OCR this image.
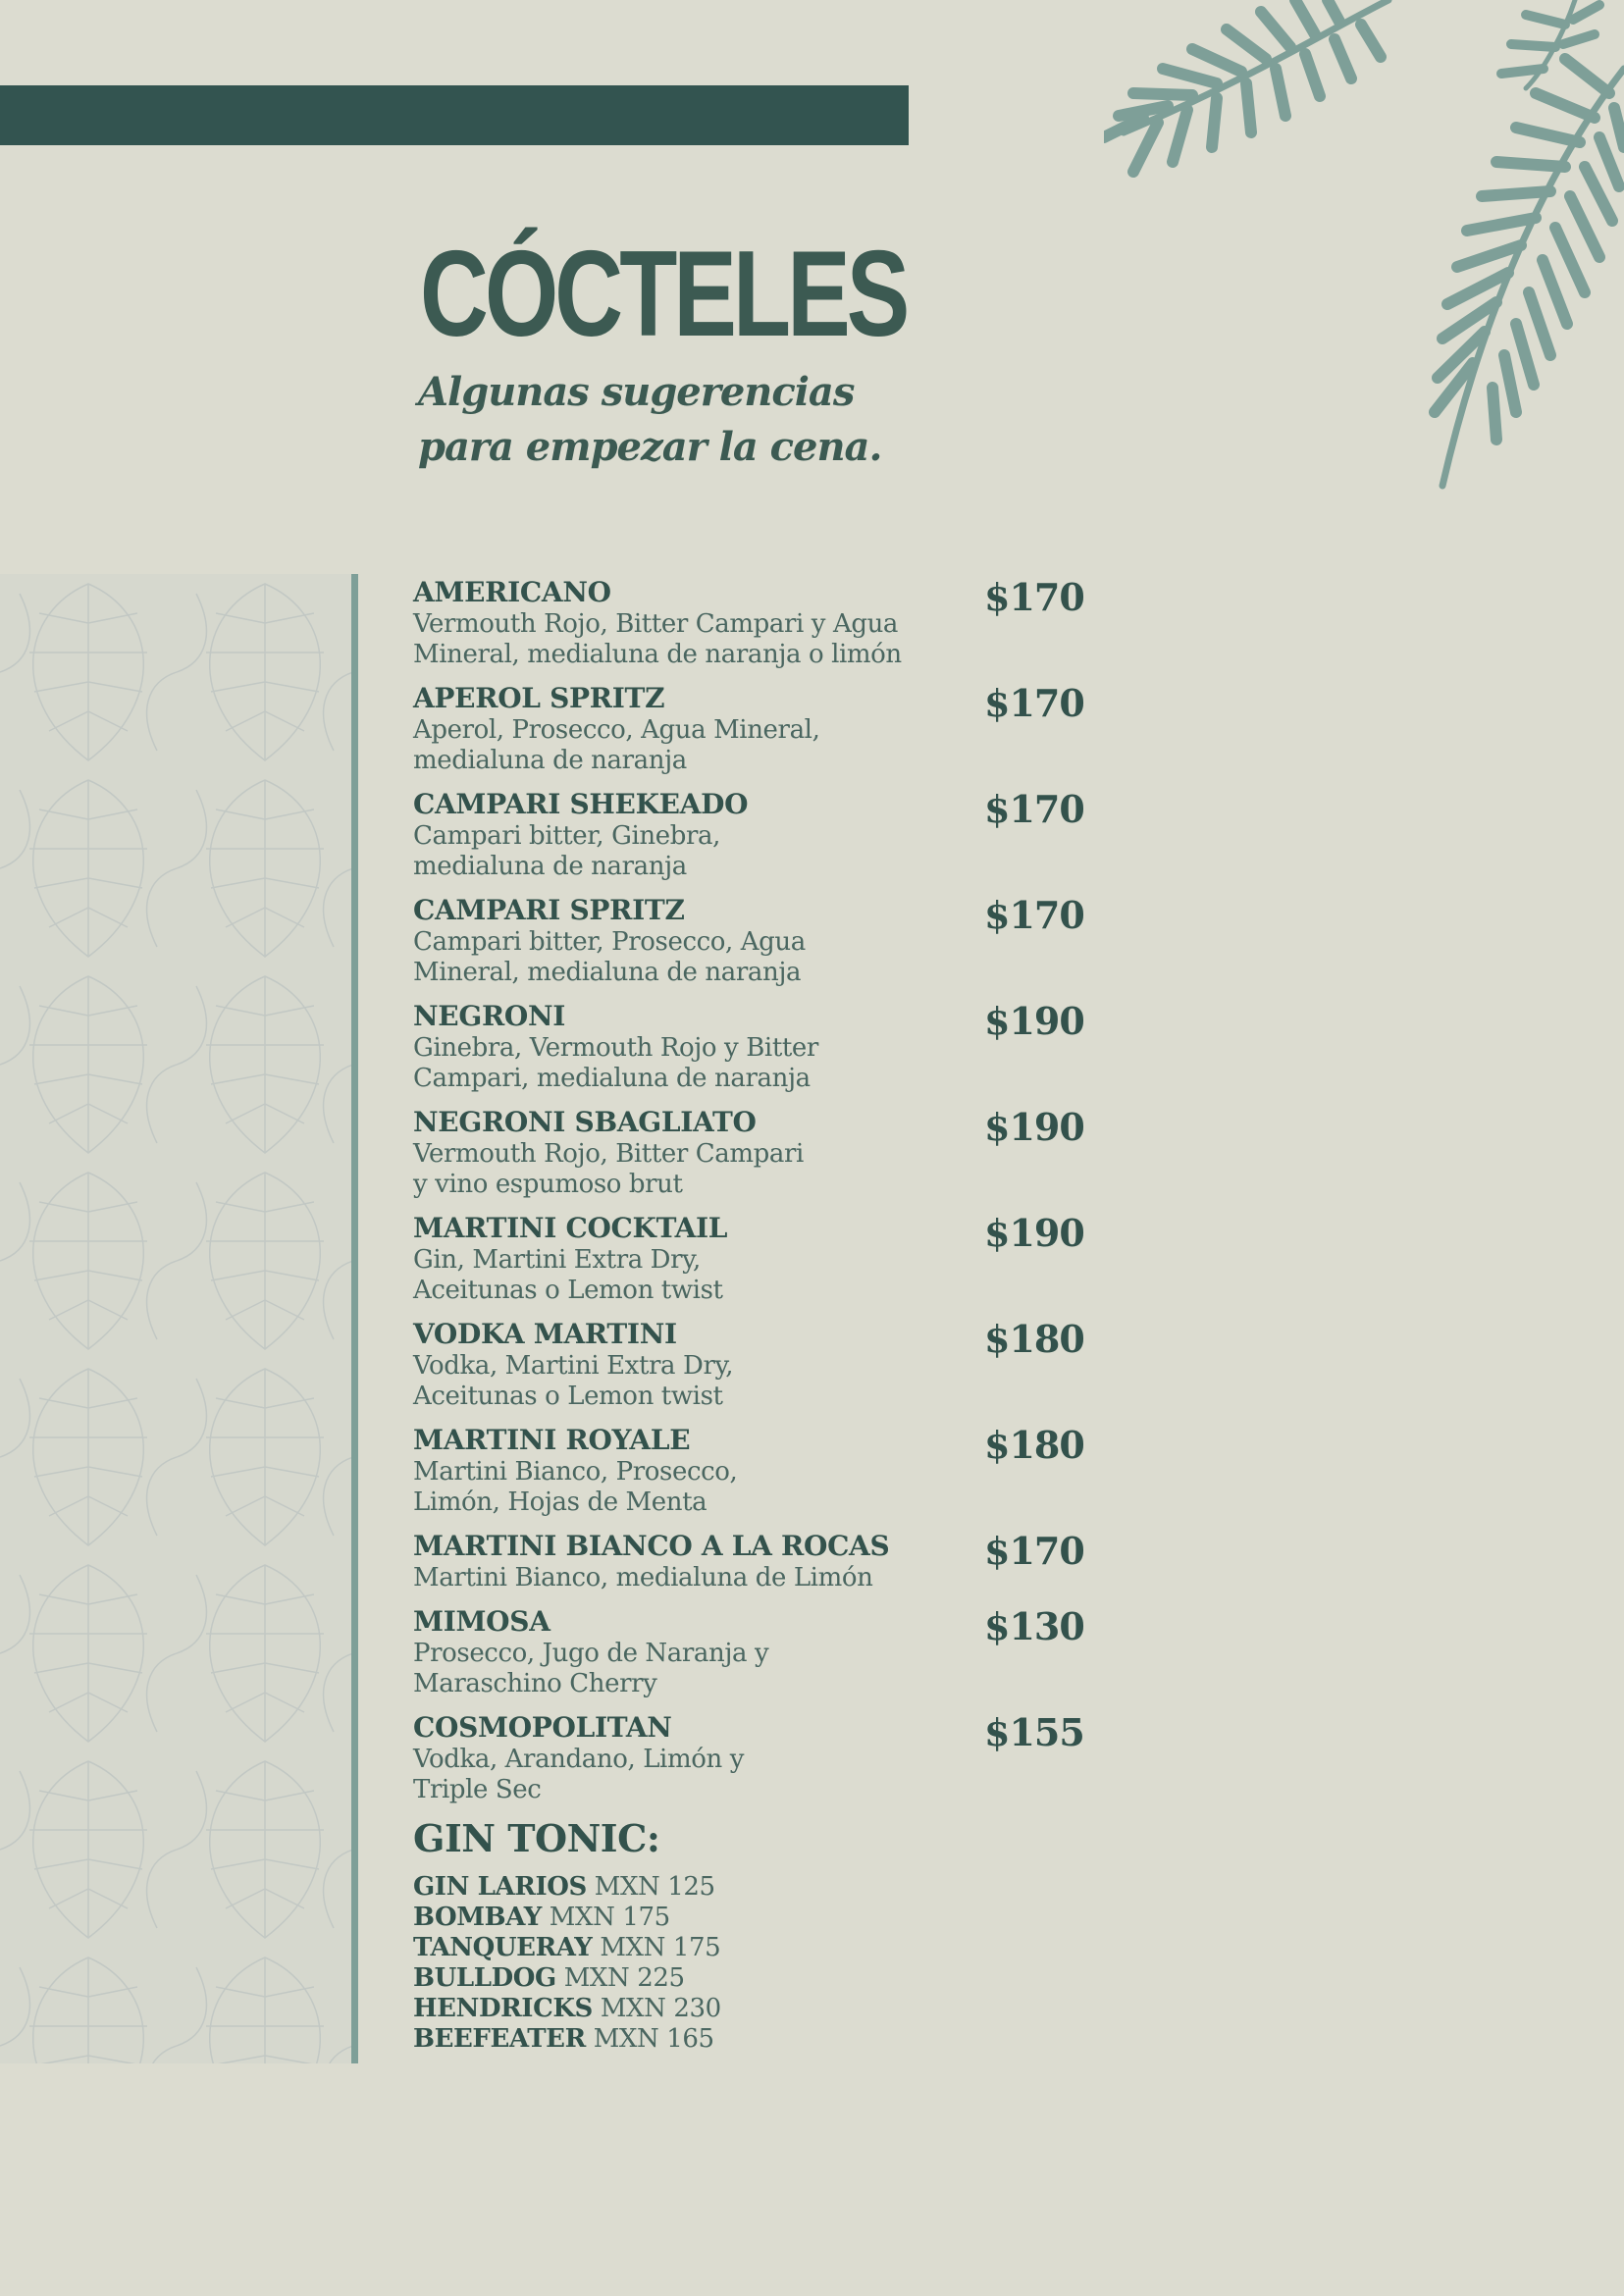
CÓCTELES
Algunas sugerencias
para empezar la cena.
AMERICANO
Vermouth Rojo, Bitter Campari y Agua
Mineral, medialuna de naranja o limón
$170
APEROL SPRITZ
Aperol, Prosecco, Agua Mineral,
medialuna de naranja
$170
CAMPARI SHEKEADO
Campari bitter, Ginebra,
medialuna de naranja
$170
CAMPARI SPRITZ
Campari bitter, Prosecco, Agua
Mineral, medialuna de naranja
$170
NEGRONI
Ginebra, Vermouth Rojo y Bitter
Campari, medialuna de naranja
$190
NEGRONI SBAGLIATO
Vermouth Rojo, Bitter Campari
y vino espumoso brut
$190
MARTINI COCKTAIL
Gin, Martini Extra Dry,
Aceitunas o Lemon twist
$190
VODKA MARTINI
Vodka, Martini Extra Dry,
Aceitunas o Lemon twist
$180
MARTINI ROYALE
Martini Bianco, Prosecco,
Limón, Hojas de Menta
$180
MARTINI BIANCO A LA ROCAS
Martini Bianco, medialuna de Limón
$170
MIMOSA
Prosecco, Jugo de Naranja y
Maraschino Cherry
$130
COSMOPOLITAN
Vodka, Arandano, Limón y
Triple Sec
$155
GIN TONIC:
GIN LARIOS MXN 125
BOMBAY MXN 175
TANQUERAY MXN 175
BULLDOG MXN 225
HENDRICKS MXN 230
BEEFEATER MXN 165
